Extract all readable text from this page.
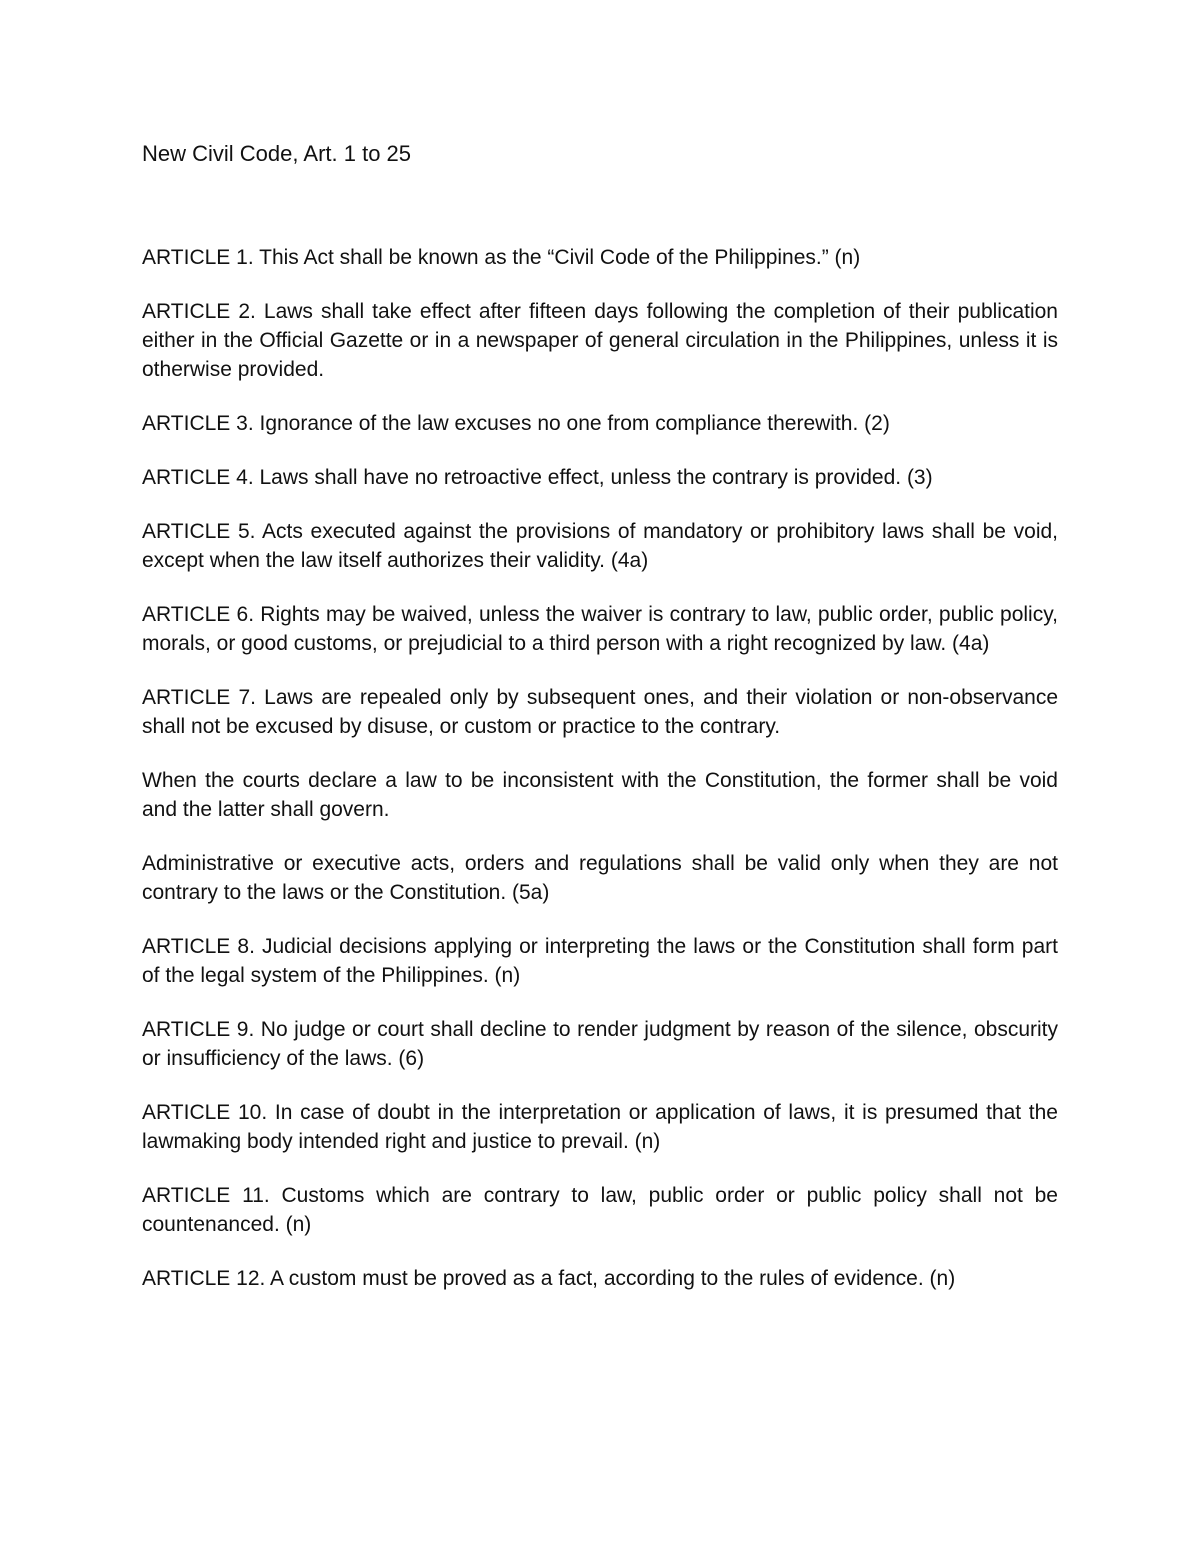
New Civil Code, Art. 1 to 25

ARTICLE 1. This Act shall be known as the “Civil Code of the Philippines.” (n)

ARTICLE 2. Laws shall take effect after fifteen days following the completion of their publication either in the Official Gazette or in a newspaper of general circulation in the Philippines, unless it is otherwise provided.

ARTICLE 3. Ignorance of the law excuses no one from compliance therewith. (2)

ARTICLE 4. Laws shall have no retroactive effect, unless the contrary is provided. (3)

ARTICLE 5. Acts executed against the provisions of mandatory or prohibitory laws shall be void, except when the law itself authorizes their validity. (4a)

ARTICLE 6. Rights may be waived, unless the waiver is contrary to law, public order, public policy, morals, or good customs, or prejudicial to a third person with a right recognized by law. (4a)

ARTICLE 7. Laws are repealed only by subsequent ones, and their violation or non-observance shall not be excused by disuse, or custom or practice to the contrary.

When the courts declare a law to be inconsistent with the Constitution, the former shall be void and the latter shall govern.

Administrative or executive acts, orders and regulations shall be valid only when they are not contrary to the laws or the Constitution. (5a)

ARTICLE 8. Judicial decisions applying or interpreting the laws or the Constitution shall form part of the legal system of the Philippines. (n)

ARTICLE 9. No judge or court shall decline to render judgment by reason of the silence, obscurity or insufficiency of the laws. (6)

ARTICLE 10. In case of doubt in the interpretation or application of laws, it is presumed that the lawmaking body intended right and justice to prevail. (n)

ARTICLE 11. Customs which are contrary to law, public order or public policy shall not be countenanced. (n)

ARTICLE 12. A custom must be proved as a fact, according to the rules of evidence. (n)
